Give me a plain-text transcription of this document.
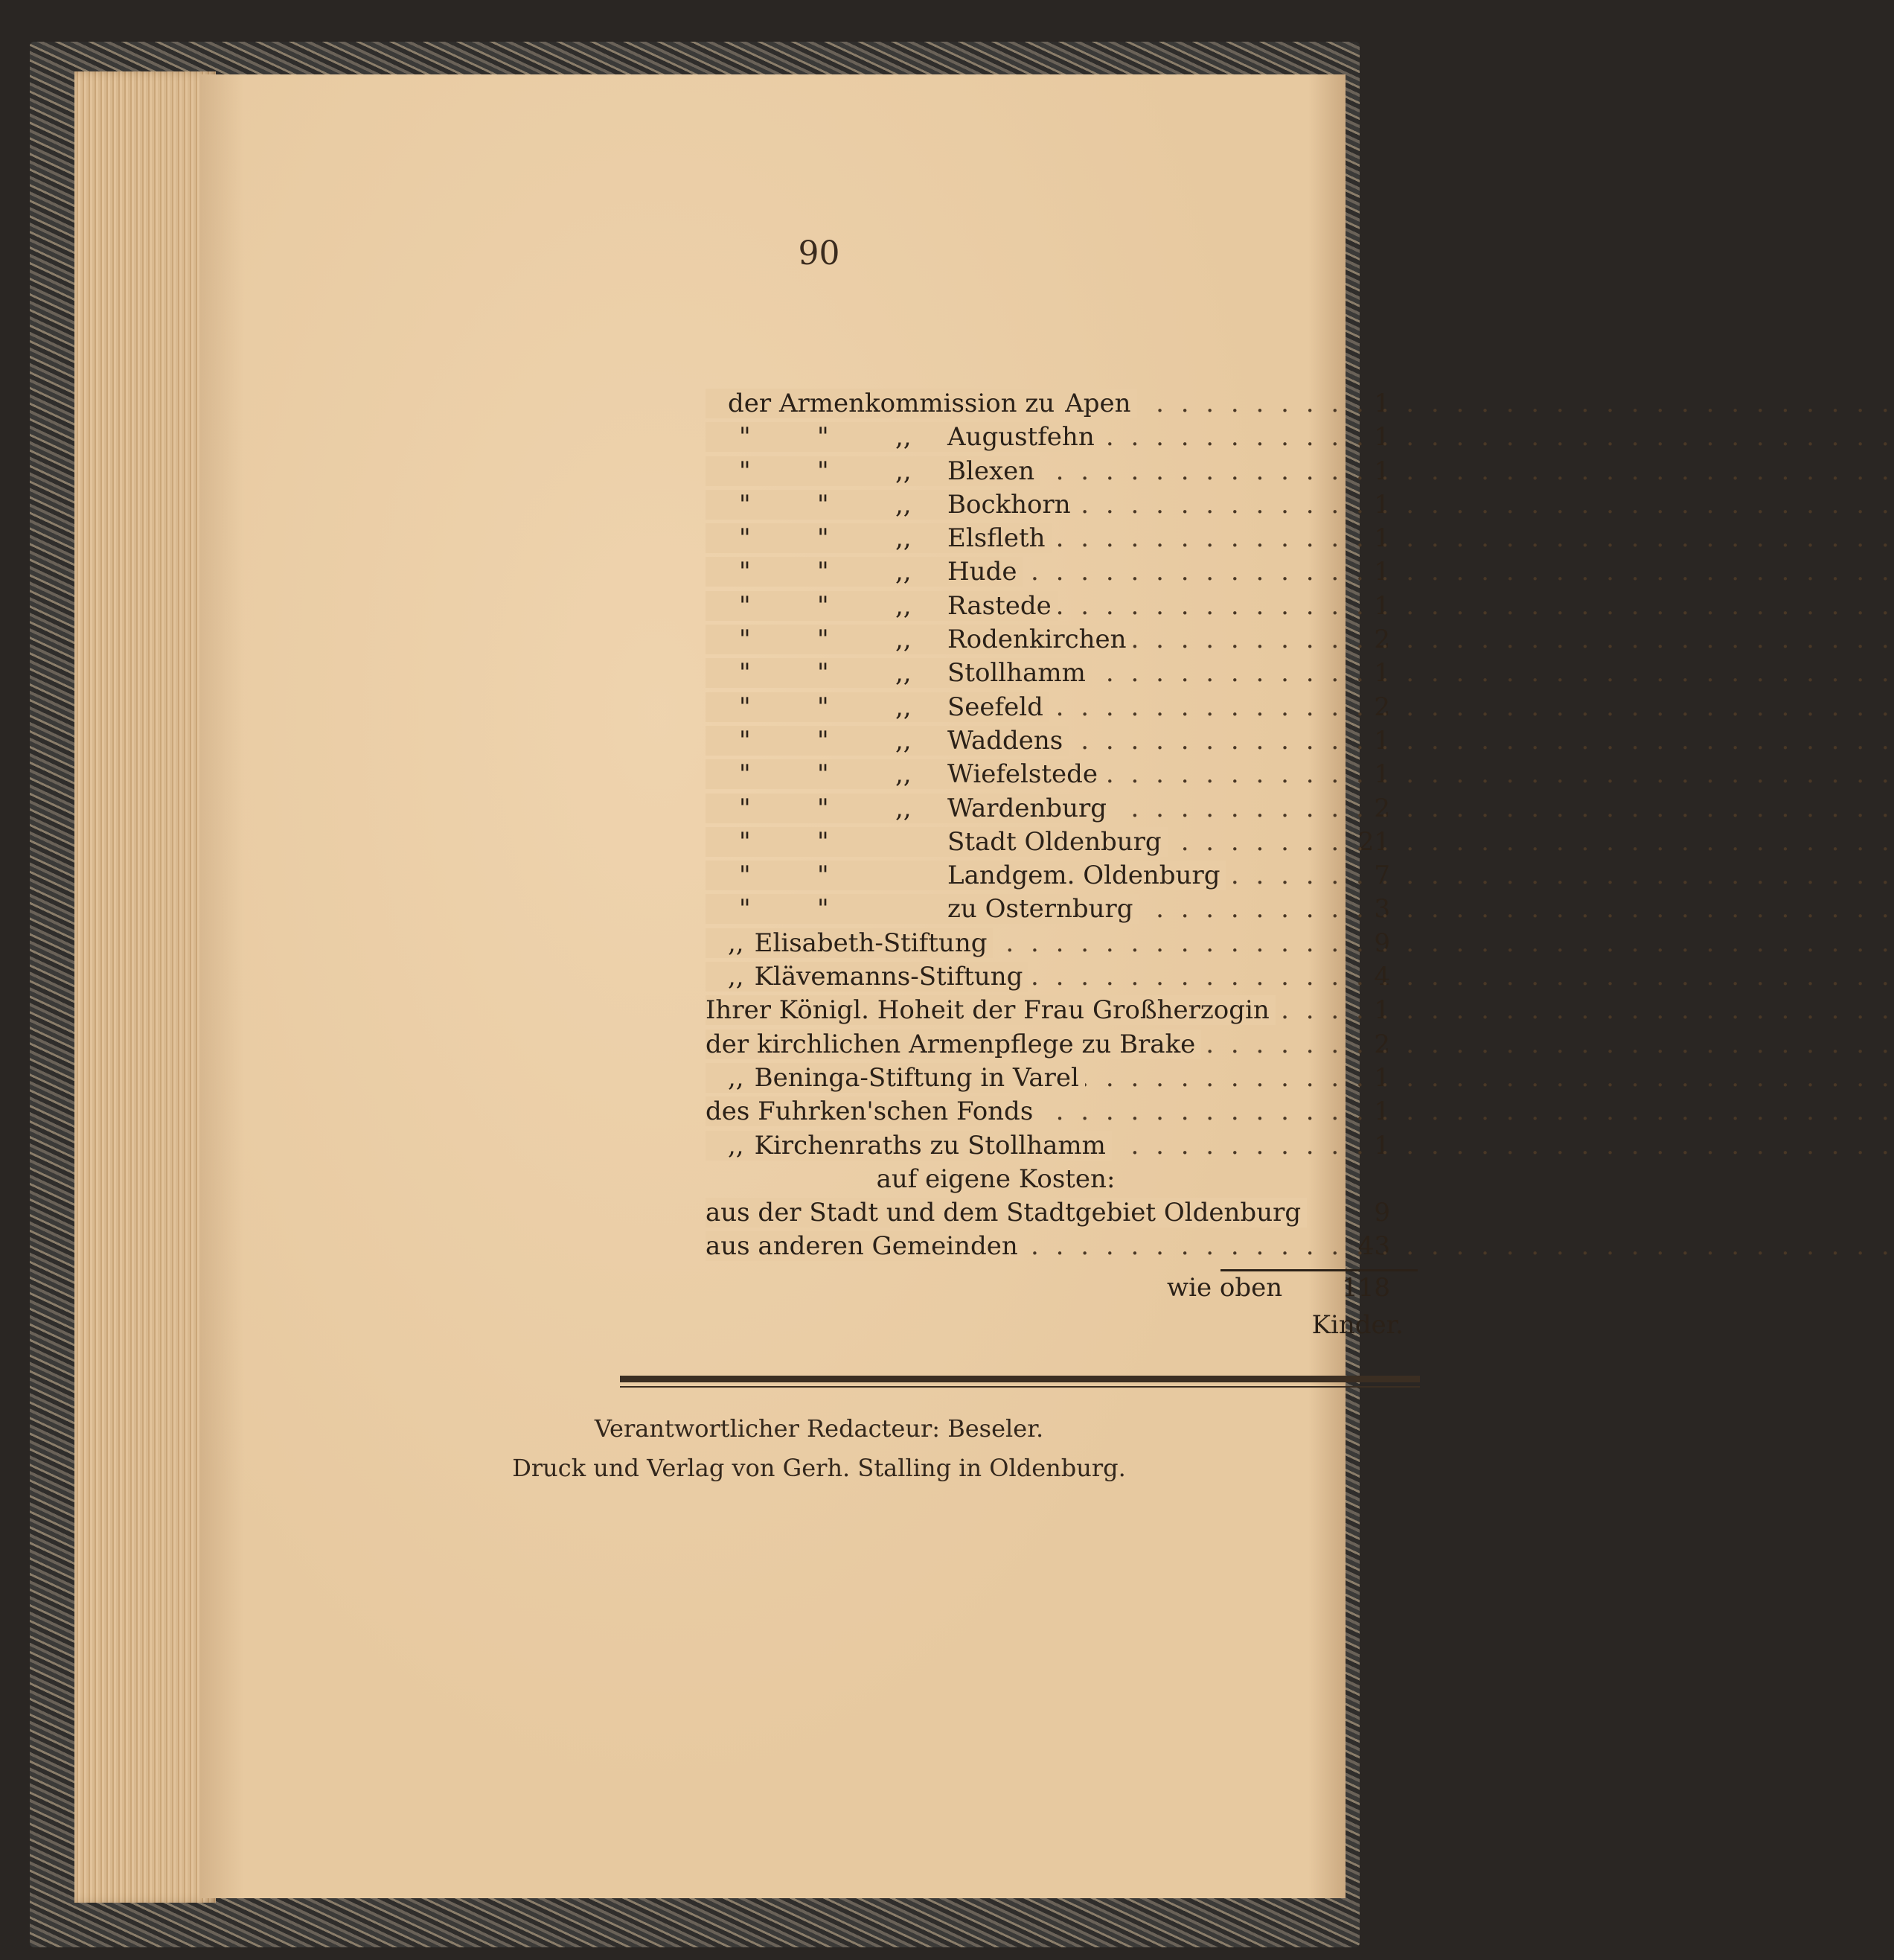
90
der Armenkommission zu Apen . . .	1
"	"	,, Augustfehn . . .	1
"	"	,, Blexen . . .	1
"	"	,, Bockhorn . . .	1
"	"	,, Elsfleth . . .	1
"	"	,, Hude . . .	1
"	"	,, Rastede . . .	1
"	"	,, Rodenkirchen . . .	2
"	"	,, Stollhamm . . .	1
"	"	,, Seefeld . . .	2
"	"	,, Waddens . . .	1
"	"	,, Wiefelstede . . .	1
"	"	,, Wardenburg . . .	2
"	"	Stadt Oldenburg . . .	21
"	"	Landgem. Oldenburg . . .	7
"	"	zu Osternburg . . .	3
,, Elisabeth-Stiftung . . .	9
,, Klävemanns-Stiftung . . .	4
Ihrer Königl. Hoheit der Frau Großherzogin . . .	1
der kirchlichen Armenpflege zu Brake . . .	2
,, Beninga-Stiftung in Varel . . .	1
des Fuhrken'schen Fonds . . .	1
,, Kirchenraths zu Stollhamm . . .	1
auf eigene Kosten:
aus der Stadt und dem Stadtgebiet Oldenburg	9
aus anderen Gemeinden . . .	43
wie oben 118
Kinder.
Verantwortlicher Redacteur: Beseler.
Druck und Verlag von Gerh. Stalling in Oldenburg.
